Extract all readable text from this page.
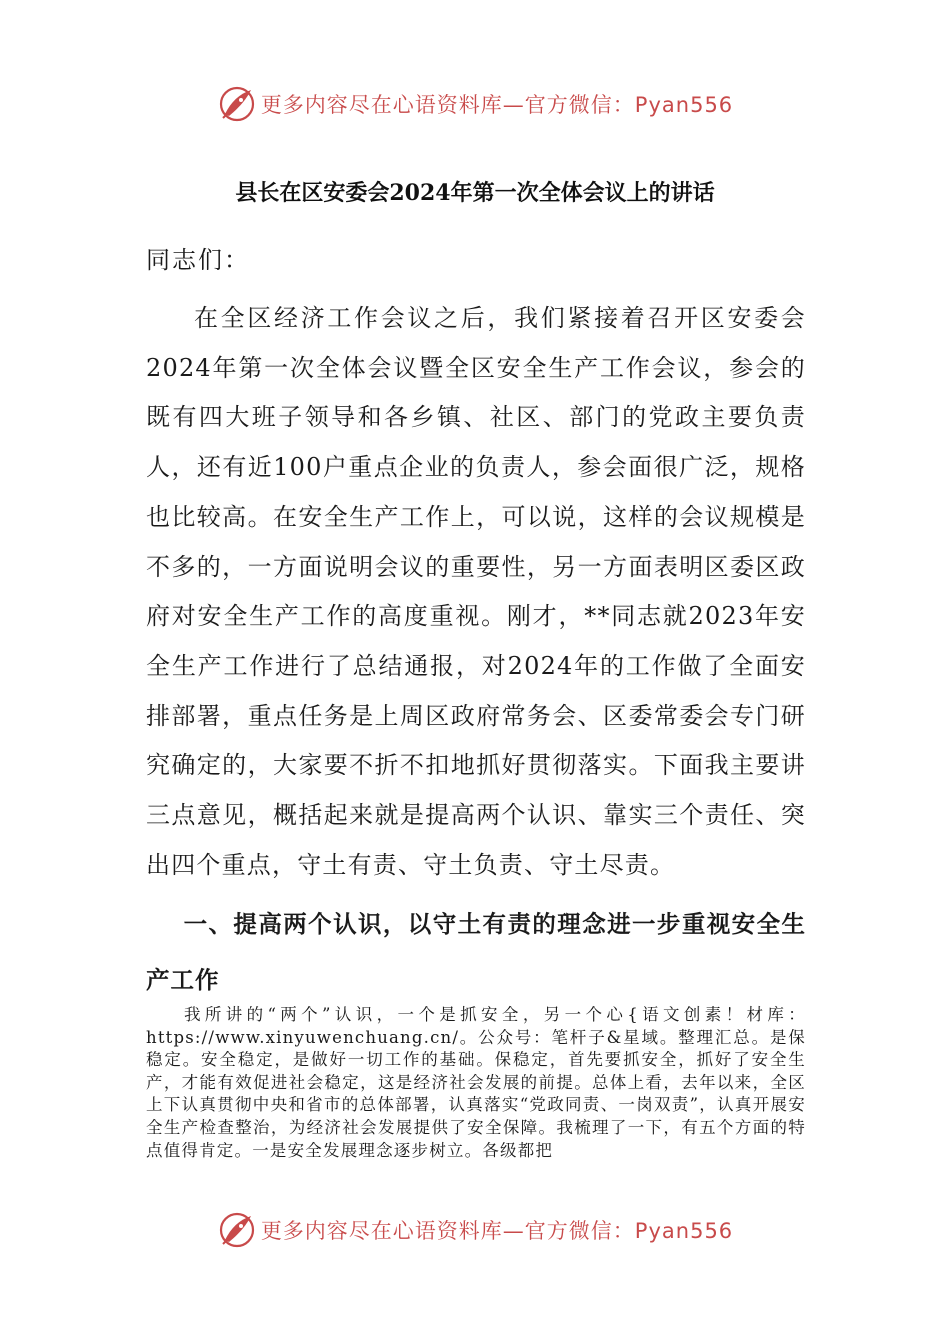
更多内容尽在心语资料库—官方微信：Pyan556
县长在区安委会2024年第一次全体会议上的讲话
同志们：

在全区经济工作会议之后，我们紧接着召开区安委会2024年第一次全体会议暨全区安全生产工作会议，参会的既有四大班子领导和各乡镇、社区、部门的党政主要负责人，还有近100户重点企业的负责人，参会面很广泛，规格也比较高。在安全生产工作上，可以说，这样的会议规模是不多的，一方面说明会议的重要性，另一方面表明区委区政府对安全生产工作的高度重视。刚才，**同志就2023年安全生产工作进行了总结通报，对2024年的工作做了全面安排部署，重点任务是上周区政府常务会、区委常委会专门研究确定的，大家要不折不扣地抓好贯彻落实。下面我主要讲三点意见，概括起来就是提高两个认识、靠实三个责任、突出四个重点，守土有责、守土负责、守土尽责。

一、提高两个认识，以守土有责的理念进一步重视安全生产工作

我所讲的“两个”认识，一个是抓安全，另一个心{语文创素！材库：https://www.xinyuwenchuang.cn/。公众号：笔杆子&星域。整理汇总。是保稳定。安全稳定，是做好一切工作的基础。保稳定，首先要抓安全，抓好了安全生产，才能有效促进社会稳定，这是经济社会发展的前提。总体上看，去年以来，全区上下认真贯彻中央和省市的总体部署，认真落实“党政同责、一岗双责”，认真开展安全生产检查整治，为经济社会发展提供了安全保障。我梳理了一下，有五个方面的特点值得肯定。一是安全发展理念逐步树立。各级都把

更多内容尽在心语资料库—官方微信：Pyan556
